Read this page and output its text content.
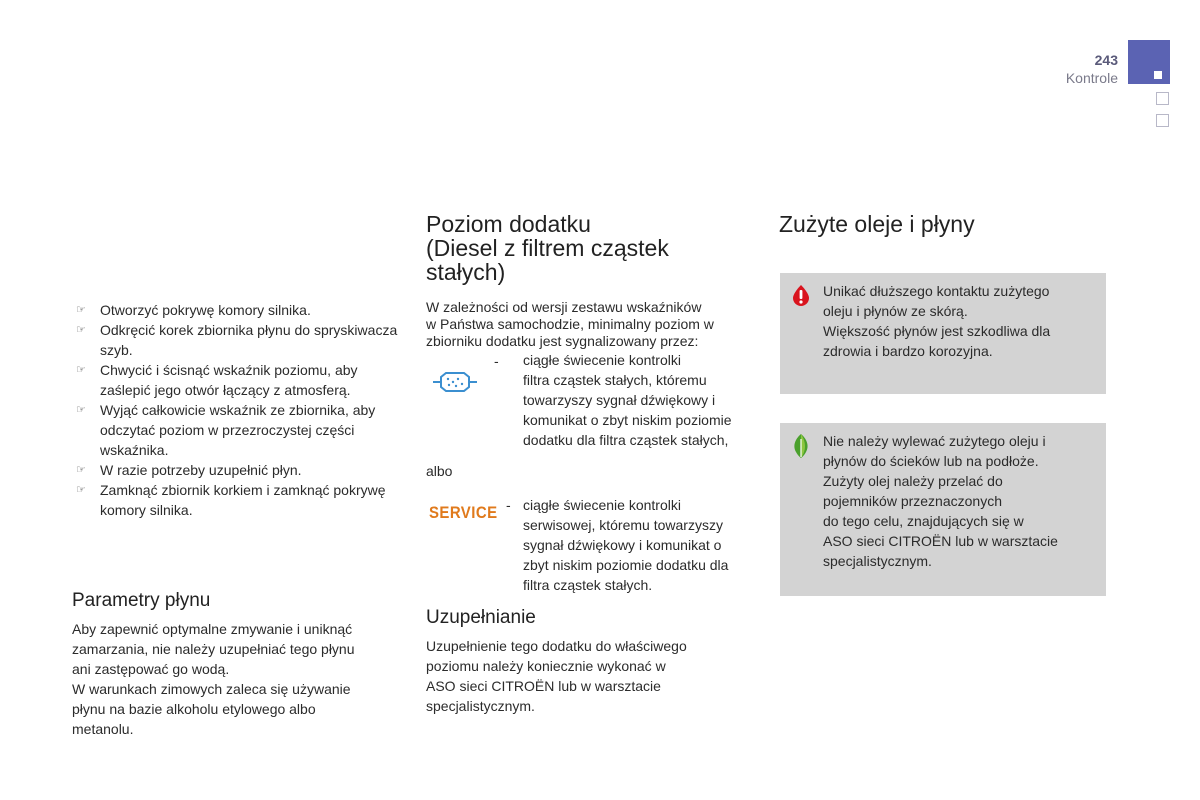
243
Kontrole
☞ Otworzyć pokrywę komory silnika.
☞ Odkręcić korek zbiornika płynu do spryskiwacza szyb.
☞ Chwycić i ścisnąć wskaźnik poziomu, aby zaślepić jego otwór łączący z atmosferą.
☞ Wyjąć całkowicie wskaźnik ze zbiornika, aby odczytać poziom w przezroczystej części wskaźnika.
☞ W razie potrzeby uzupełnić płyn.
☞ Zamknąć zbiornik korkiem i zamknąć pokrywę komory silnika.
Parametry płynu
Aby zapewnić optymalne zmywanie i uniknąć
zamarzania, nie należy uzupełniać tego płynu
ani zastępować go wodą.
W warunkach zimowych zaleca się używanie
płynu na bazie alkoholu etylowego albo
metanolu.
Poziom dodatku
(Diesel z filtrem cząstek
stałych)
W zależności od wersji zestawu wskaźników
w Państwa samochodzie, minimalny poziom w
zbiorniku dodatku jest sygnalizowany przez:
- ciągłe świecenie kontrolki
filtra cząstek stałych, któremu
towarzyszy sygnał dźwiękowy i
komunikat o zbyt niskim poziomie
dodatku dla filtra cząstek stałych,
albo
SERVICE - ciągłe świecenie kontrolki
serwisowej, któremu towarzyszy
sygnał dźwiękowy i komunikat o
zbyt niskim poziomie dodatku dla
filtra cząstek stałych.
Uzupełnianie
Uzupełnienie tego dodatku do właściwego
poziomu należy koniecznie wykonać w
ASO sieci CITROËN lub w warsztacie
specjalistycznym.
Zużyte oleje i płyny
Unikać dłuższego kontaktu zużytego
oleju i płynów ze skórą.
Większość płynów jest szkodliwa dla
zdrowia i bardzo korozyjna.
Nie należy wylewać zużytego oleju i
płynów do ścieków lub na podłoże.
Zużyty olej należy przelać do
pojemników przeznaczonych
do tego celu, znajdujących się w
ASO sieci CITROËN lub w warsztacie
specjalistycznym.
